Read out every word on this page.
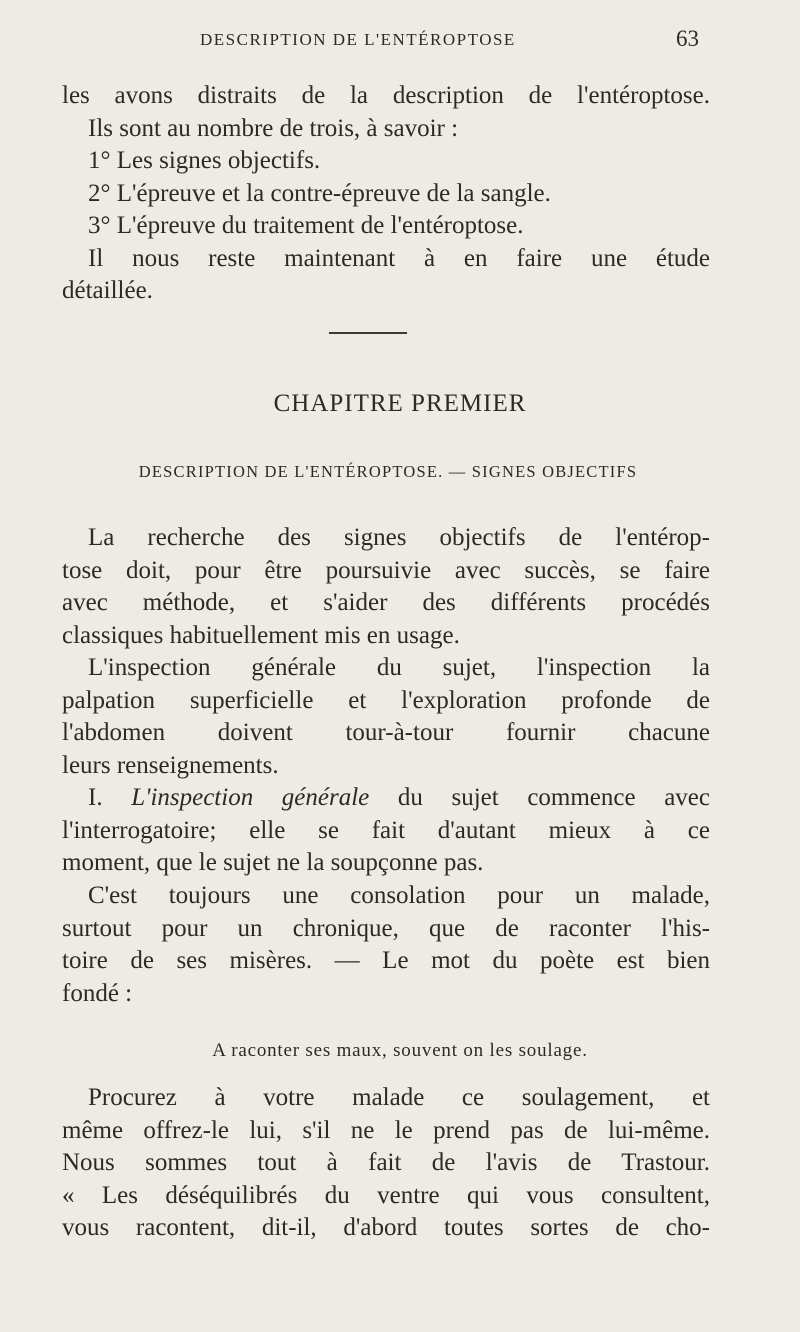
DESCRIPTION DE L'ENTÉROPTOSE	63
les avons distraits de la description de l'entéroptose.
Ils sont au nombre de trois, à savoir :
1° Les signes objectifs.
2° L'épreuve et la contre-épreuve de la sangle.
3° L'épreuve du traitement de l'entéroptose.
Il nous reste maintenant à en faire une étude
détaillée.
CHAPITRE PREMIER
DESCRIPTION DE L'ENTÉROPTOSE. — SIGNES OBJECTIFS
La recherche des signes objectifs de l'entérop-
tose doit, pour être poursuivie avec succès, se faire
avec méthode, et s'aider des différents procédés
classiques habituellement mis en usage.
L'inspection générale du sujet, l'inspection la
palpation superficielle et l'exploration profonde de
l'abdomen doivent tour-à-tour fournir chacune
leurs renseignements.
I. L'inspection générale du sujet commence avec
l'interrogatoire; elle se fait d'autant mieux à ce
moment, que le sujet ne la soupçonne pas.
C'est toujours une consolation pour un malade,
surtout pour un chronique, que de raconter l'his-
toire de ses misères. — Le mot du poète est bien
fondé :
A raconter ses maux, souvent on les soulage.
Procurez à votre malade ce soulagement, et
même offrez-le lui, s'il ne le prend pas de lui-même.
Nous sommes tout à fait de l'avis de Trastour.
« Les déséquilibrés du ventre qui vous consultent,
vous racontent, dit-il, d'abord toutes sortes de cho-
